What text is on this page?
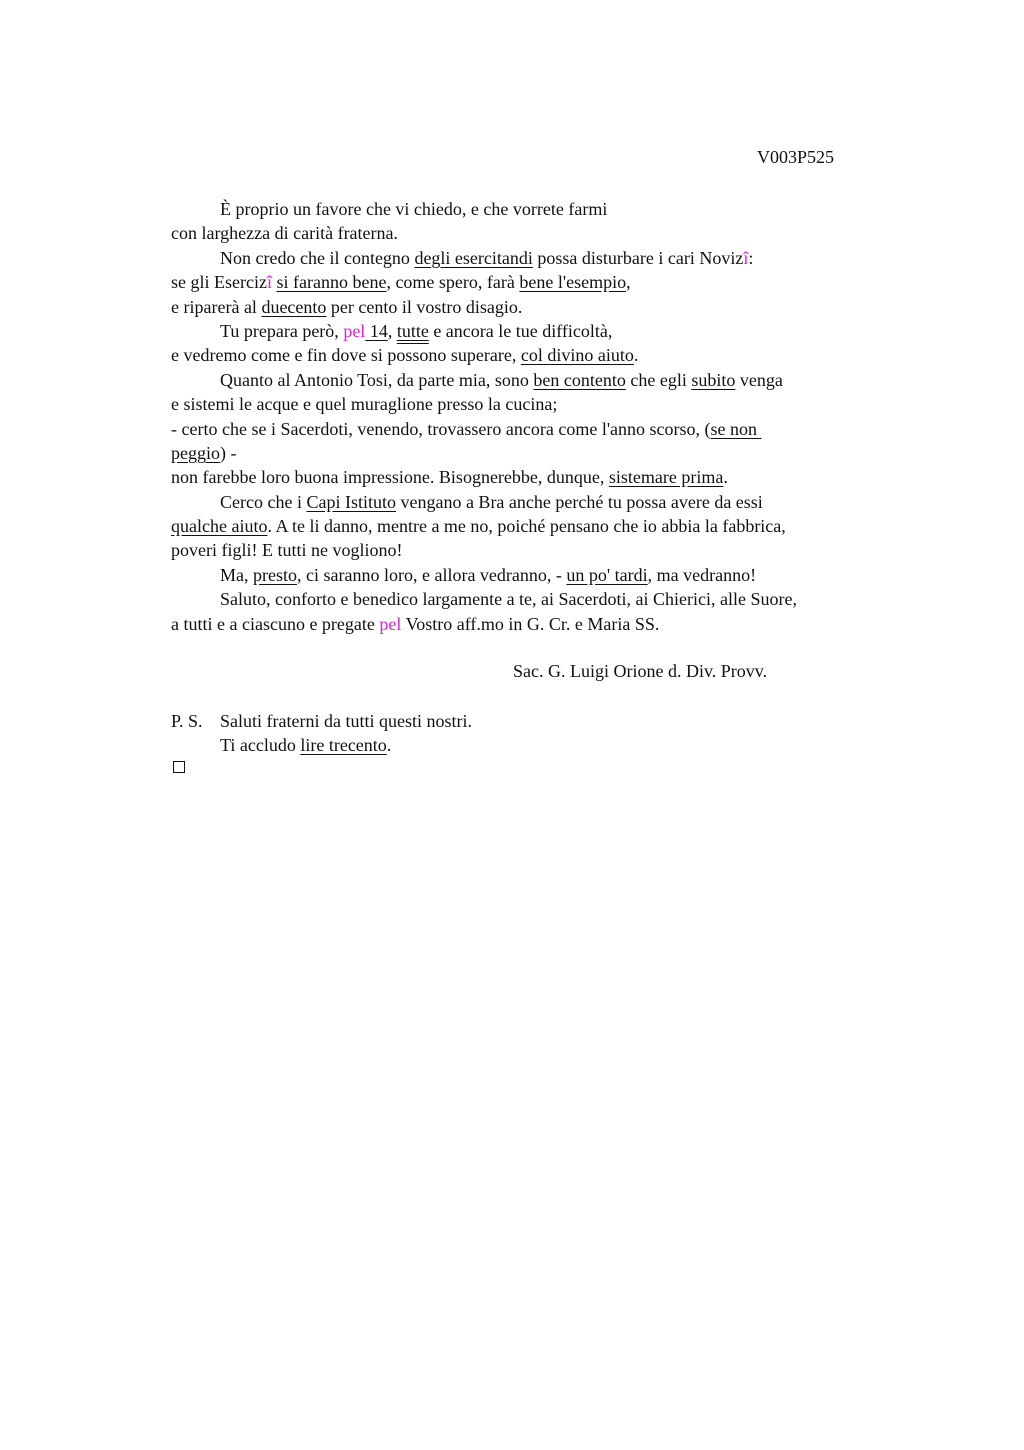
V003P525
È proprio un favore che vi chiedo, e che vorrete farmi
con larghezza di carità fraterna.
Non credo che il contegno degli esercitandi possa disturbare i cari Novizî:
se gli Esercizî si faranno bene, come spero, farà bene l'esempio,
e riparerà al duecento per cento il vostro disagio.
Tu prepara però, pel 14, tutte e ancora le tue difficoltà,
e vedremo come e fin dove si possono superare, col divino aiuto.
Quanto al Antonio Tosi, da parte mia, sono ben contento che egli subito venga
e sistemi le acque e quel muraglione presso la cucina;
- certo che se i Sacerdoti, venendo, trovassero ancora come l'anno scorso, (se non
peggio) -
non farebbe loro buona impressione. Bisognerebbe, dunque, sistemare prima.
Cerco che i Capi Istituto vengano a Bra anche perché tu possa avere da essi
qualche aiuto. A te li danno, mentre a me no, poiché pensano che io abbia la fabbrica,
poveri figli! E tutti ne vogliono!
Ma, presto, ci saranno loro, e allora vedranno, - un po' tardi, ma vedranno!
Saluto, conforto e benedico largamente a te, ai Sacerdoti, ai Chierici, alle Suore,
a tutti e a ciascuno e pregate pel Vostro aff.mo in G. Cr. e Maria SS.
Sac. G. Luigi Orione d. Div. Provv.
P. S. Saluti fraterni da tutti questi nostri.
Ti accludo lire trecento.
